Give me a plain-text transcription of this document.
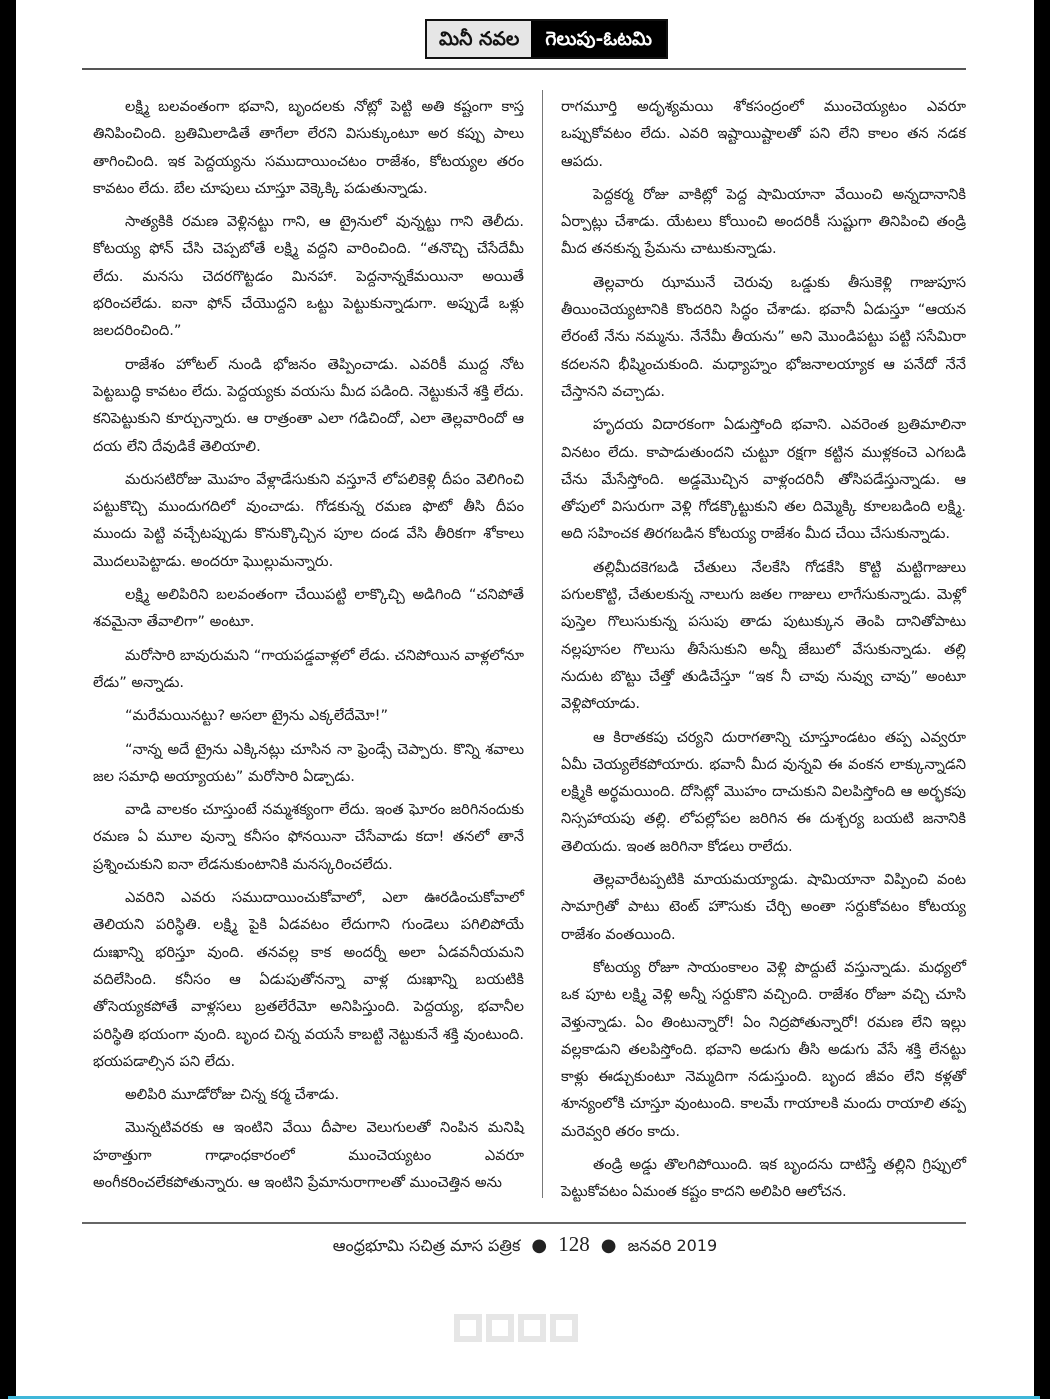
మినీ నవల	గెలుపు-ఓటమి

లక్ష్మి బలవంతంగా భవాని, బృందలకు నోట్లో పెట్టి అతి కష్టంగా కాస్త తినిపించింది. బ్రతిమిలాడితే తాగేలా లేరని విసుక్కుంటూ అర కప్పు పాలు తాగించింది. ఇక పెద్దయ్యను సముదాయించటం రాజేశం, కోటయ్యల తరం కావటం లేదు. బేల చూపులు చూస్తూ వెక్కెక్కి పడుతున్నాడు.

సాత్యకికి రమణ వెళ్లినట్టు గాని, ఆ ట్రైనులో వున్నట్టు గాని తెలీదు. కోటయ్య ఫోన్ చేసి చెప్పబోతే లక్ష్మి వద్దని వారించింది. “తనొచ్చి చేసేదేమీ లేదు. మనసు చెదరగొట్టడం మినహా. పెద్దనాన్నకేమయినా అయితే భరించలేడు. ఐనా ఫోన్ చేయొద్దని ఒట్టు పెట్టుకున్నాడుగా. అప్పుడే ఒళ్లు జలదరించింది.”

రాజేశం హోటల్ నుండి భోజనం తెప్పించాడు. ఎవరికీ ముద్ద నోట పెట్టబుద్ధి కావటం లేదు. పెద్దయ్యకు వయసు మీద పడింది. నెట్టుకునే శక్తి లేదు. కనిపెట్టుకుని కూర్చున్నారు. ఆ రాత్రంతా ఎలా గడిచిందో, ఎలా తెల్లవారిందో ఆ దయ లేని దేవుడికే తెలియాలి.

మరుసటిరోజు మొహం వేళ్లాడేసుకుని వస్తూనే లోపలికెళ్లి దీపం వెలిగించి పట్టుకొచ్చి ముందుగదిలో వుంచాడు. గోడకున్న రమణ ఫొటో తీసి దీపం ముందు పెట్టి వచ్చేటప్పుడు కొనుక్కొచ్చిన పూల దండ వేసి తీరికగా శోకాలు మొదలుపెట్టాడు. అందరూ ఘొల్లుమన్నారు.

లక్ష్మి అలిపిరిని బలవంతంగా చేయిపట్టి లాక్కొచ్చి అడిగింది “చనిపోతే శవమైనా తేవాలిగా” అంటూ.

మరోసారి బావురుమని “గాయపడ్డవాళ్లలో లేడు. చనిపోయిన వాళ్లలోనూ లేడు” అన్నాడు.

“మరేమయినట్టు? అసలా ట్రైను ఎక్కలేదేమో!”

“నాన్న అదే ట్రైను ఎక్కినట్లు చూసిన నా ఫ్రెండ్సే చెప్పారు. కొన్ని శవాలు జల సమాధి అయ్యాయట” మరోసారి ఏడ్చాడు.

వాడి వాలకం చూస్తుంటే నమ్మశక్యంగా లేదు. ఇంత ఘోరం జరిగినందుకు రమణ ఏ మూల వున్నా కనీసం ఫోనయినా చేసేవాడు కదా! తనలో తానే ప్రశ్నించుకుని ఐనా లేడనుకుంటానికి మనస్కరించలేదు.

ఎవరిని ఎవరు సముదాయించుకోవాలో, ఎలా ఊరడించుకోవాలో తెలియని పరిస్థితి. లక్ష్మి పైకి ఏడవటం లేదుగాని గుండెలు పగిలిపోయే దుఃఖాన్ని భరిస్తూ వుంది. తనవల్ల కాక అందర్నీ అలా ఏడవనీయమని వదిలేసింది. కనీసం ఆ ఏడుపుతోనన్నా వాళ్ల దుఃఖాన్ని బయటికి తోసెయ్యకపోతే వాళ్లసలు బ్రతలేరేమో అనిపిస్తుంది. పెద్దయ్య, భవానీల పరిస్థితి భయంగా వుంది. బృంద చిన్న వయసే కాబట్టి నెట్టుకునే శక్తి వుంటుంది. భయపడాల్సిన పని లేదు.

అలిపిరి మూడోరోజు చిన్న కర్మ చేశాడు.

మొన్నటివరకు ఆ ఇంటిని వేయి దీపాల వెలుగులతో నింపిన మనిషి హఠాత్తుగా గాఢాంధకారంలో ముంచెయ్యటం ఎవరూ అంగీకరించలేకపోతున్నారు. ఆ ఇంటిని ప్రేమానురాగాలతో ముంచెత్తిన అను

రాగమూర్తి అదృశ్యమయి శోకసంద్రంలో ముంచెయ్యటం ఎవరూ ఒప్పుకోవటం లేదు. ఎవరి ఇష్టాయిష్టాలతో పని లేని కాలం తన నడక ఆపదు.

పెద్దకర్మ రోజు వాకిట్లో పెద్ద షామియానా వేయించి అన్నదానానికి ఏర్పాట్లు చేశాడు. యేటలు కోయించి అందరికీ సుష్టుగా తినిపించి తండ్రి మీద తనకున్న ప్రేమను చాటుకున్నాడు.

తెల్లవారు ఝామునే చెరువు ఒడ్డుకు తీసుకెళ్లి గాజుపూస తీయించెయ్యటానికి కొందరిని సిద్ధం చేశాడు. భవానీ ఏడుస్తూ “ఆయన లేరంటే నేను నమ్మను. నేనేమీ తీయను” అని మొండిపట్టు పట్టి ససేమిరా కదలనని భీష్మించుకుంది. మధ్యాహ్నం భోజనాలయ్యాక ఆ పనేదో నేనే చేస్తానని వచ్చాడు.

హృదయ విదారకంగా ఏడుస్తోంది భవాని. ఎవరెంత బ్రతిమాలినా వినటం లేదు. కాపాడుతుందని చుట్టూ రక్షగా కట్టిన ముళ్లకంచె ఎగబడి చేను మేసేస్తోంది. అడ్డమొచ్చిన వాళ్లందరినీ తోసిపడేస్తున్నాడు. ఆ తోపులో విసురుగా వెళ్లి గోడక్కొట్టుకుని తల దిమ్మెక్కి కూలబడింది లక్ష్మి. అది సహించక తిరగబడిన కోటయ్య రాజేశం మీద చేయి చేసుకున్నాడు.

తల్లిమీదకెగబడి చేతులు నేలకేసి గోడకేసి కొట్టి మట్టిగాజులు పగులకొట్టి, చేతులకున్న నాలుగు జతల గాజులు లాగేసుకున్నాడు. మెళ్లో పుస్తెల గొలుసుకున్న పసుపు తాడు పుటుక్కున తెంపి దానితోపాటు నల్లపూసల గొలుసు తీసేసుకుని అన్నీ జేబులో వేసుకున్నాడు. తల్లి నుదుట బొట్టు చేత్తో తుడిచేస్తూ “ఇక నీ చావు నువ్వు చావు” అంటూ వెళ్లిపోయాడు.

ఆ కిరాతకపు చర్యని దురాగతాన్ని చూస్తూండటం తప్ప ఎవ్వరూ ఏమీ చెయ్యలేకపోయారు. భవానీ మీద వున్నవి ఈ వంకన లాక్కున్నాడని లక్ష్మికి అర్థమయింది. దోసిట్లో మొహం దాచుకుని విలపిస్తోంది ఆ అర్భకపు నిస్సహాయపు తల్లి. లోపల్లోపల జరిగిన ఈ దుశ్చర్య బయటి జనానికి తెలియదు. ఇంత జరిగినా కోడలు రాలేదు.

తెల్లవారేటప్పటికి మాయమయ్యాడు. షామియానా విప్పించి వంట సామాగ్రితో పాటు టెంట్ హౌసుకు చేర్చి అంతా సర్దుకోవటం కోటయ్య రాజేశం వంతయింది.

కోటయ్య రోజూ సాయంకాలం వెళ్లి పొద్దుటే వస్తున్నాడు. మధ్యలో ఒక పూట లక్ష్మి వెళ్లి అన్నీ సర్దుకొని వచ్చింది. రాజేశం రోజూ వచ్చి చూసి వెళ్తున్నాడు. ఏం తింటున్నారో! ఏం నిద్రపోతున్నారో! రమణ లేని ఇల్లు వల్లకాడుని తలపిస్తోంది. భవాని అడుగు తీసి అడుగు వేసే శక్తి లేనట్టు కాళ్లు ఈడ్చుకుంటూ నెమ్మదిగా నడుస్తుంది. బృంద జీవం లేని కళ్లతో శూన్యంలోకి చూస్తూ వుంటుంది. కాలమే గాయాలకి మందు రాయాలి తప్ప మరెవ్వరి తరం కాదు.

తండ్రి అడ్డు తొలగిపోయింది. ఇక బృందను దాటిస్తే తల్లిని గ్రిప్పులో పెట్టుకోవటం ఏమంత కష్టం కాదని అలిపిరి ఆలోచన.

ఆంధ్రభూమి సచిత్ర మాస పత్రిక ● 128 ● జనవరి 2019
